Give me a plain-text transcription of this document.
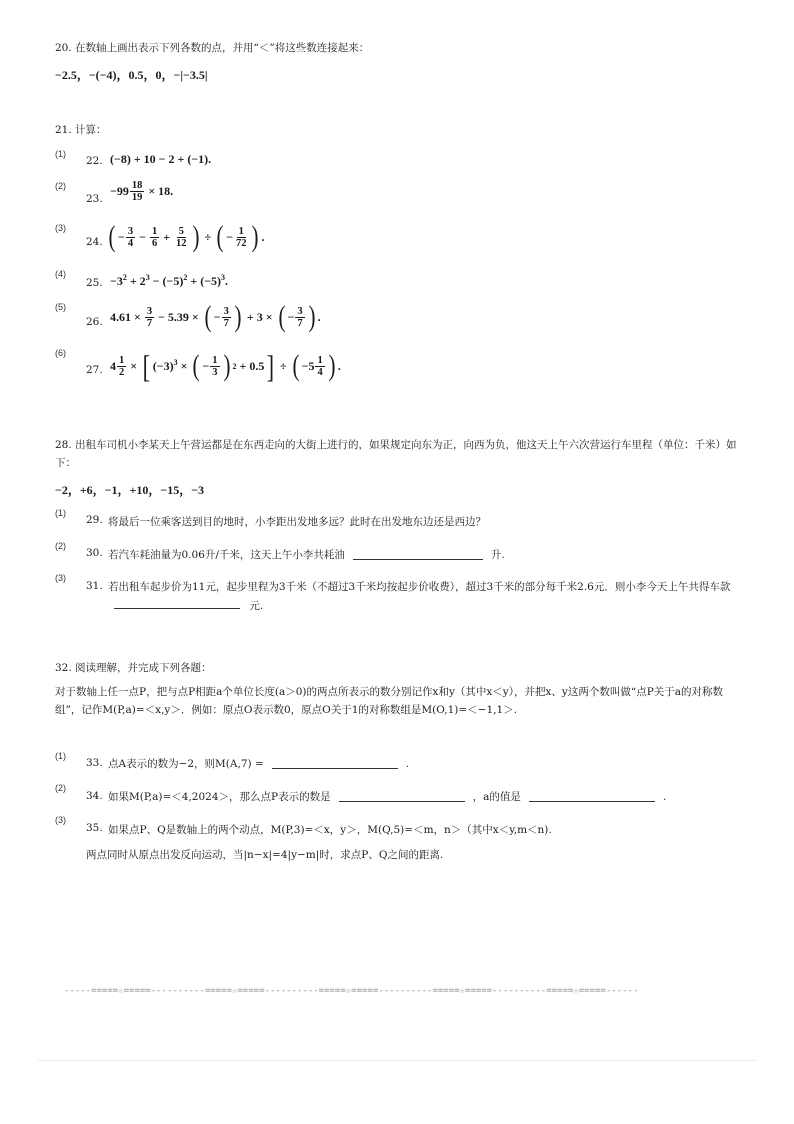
20. 在数轴上画出表示下列各数的点，并用“＜”将这些数连接起来：
−2.5，−(−4)，0.5，0，−|−3.5|
21. 计算：
(1)
22. (−8) + 10 − 2 + (−1).
(2)
23.
$-99 \frac{18}{19} \times 18$.
(3)
24. ( − $\frac{3}{4} - \frac{1}{6} + \frac{5}{12}$ ) ÷ ( − $\frac{1}{72}$ ) .
(4)
25. $-3^2 + 2^3 - (-5)^2 + (-5)^3$.
(5)
26. $4.61 \times \frac{3}{7} - 5.39$ × ( − $\frac{3}{7}$ ) + 3 × ( − $\frac{3}{7}$ ) .
(6)
27. $4 \frac{1}{2}$ × [ $(-3)^3$ × ( − $\frac{1}{3}$ ) 2 + 0.5 ] ÷ ( $-5 \frac{1}{4}$ ) .
28. 出租车司机小李某天上午营运都是在东西走向的大街上进行的，如果规定向东为正，向西为负，他这天上午六次营运行车里程（单位：千米）如下：
−2，+6，−1，+10，−15，−3
(1)
29. 将最后一位乘客送到目的地时，小李距出发地多远？此时在出发地东边还是西边？
(2)
30. 若汽车耗油量为0.06升/千米，这天上午小李共耗油	升.
(3)
31. 若出租车起步价为11元，起步里程为3千米（不超过3千米均按起步价收费），超过3千米的部分每千米2.6元．则小李今天上午共得车款  元.
32. 阅读理解，并完成下列各题：
对于数轴上任一点P，把与点P相距a个单位长度(a＞0)的两点所表示的数分别记作x和y（其中x＜y），并把x、y这两个数叫做“点P关于a的对称数组”，记作M(P,a)=＜x,y＞．例如：原点O表示数0，原点O关于1的对称数组是M(O,1)=＜−1,1＞.
(1)
33. 点A表示的数为−2，则M(A,7) =	.
(2)
34. 如果M(P,a)=＜4,2024＞，那么点P表示的数是	，a的值是	.
(3)
35. 如果点P、Q是数轴上的两个动点，M(P,3)=＜x，y＞，M(Q,5)=＜m，n＞（其中x＜y,m＜n).
两点同时从原点出发反向运动，当|n−x|=4|y−m|时，求点P、Q之间的距离.
-----=====☆=====----------=====☆=====----------=====☆=====----------=====☆=====----------=====☆=====------
